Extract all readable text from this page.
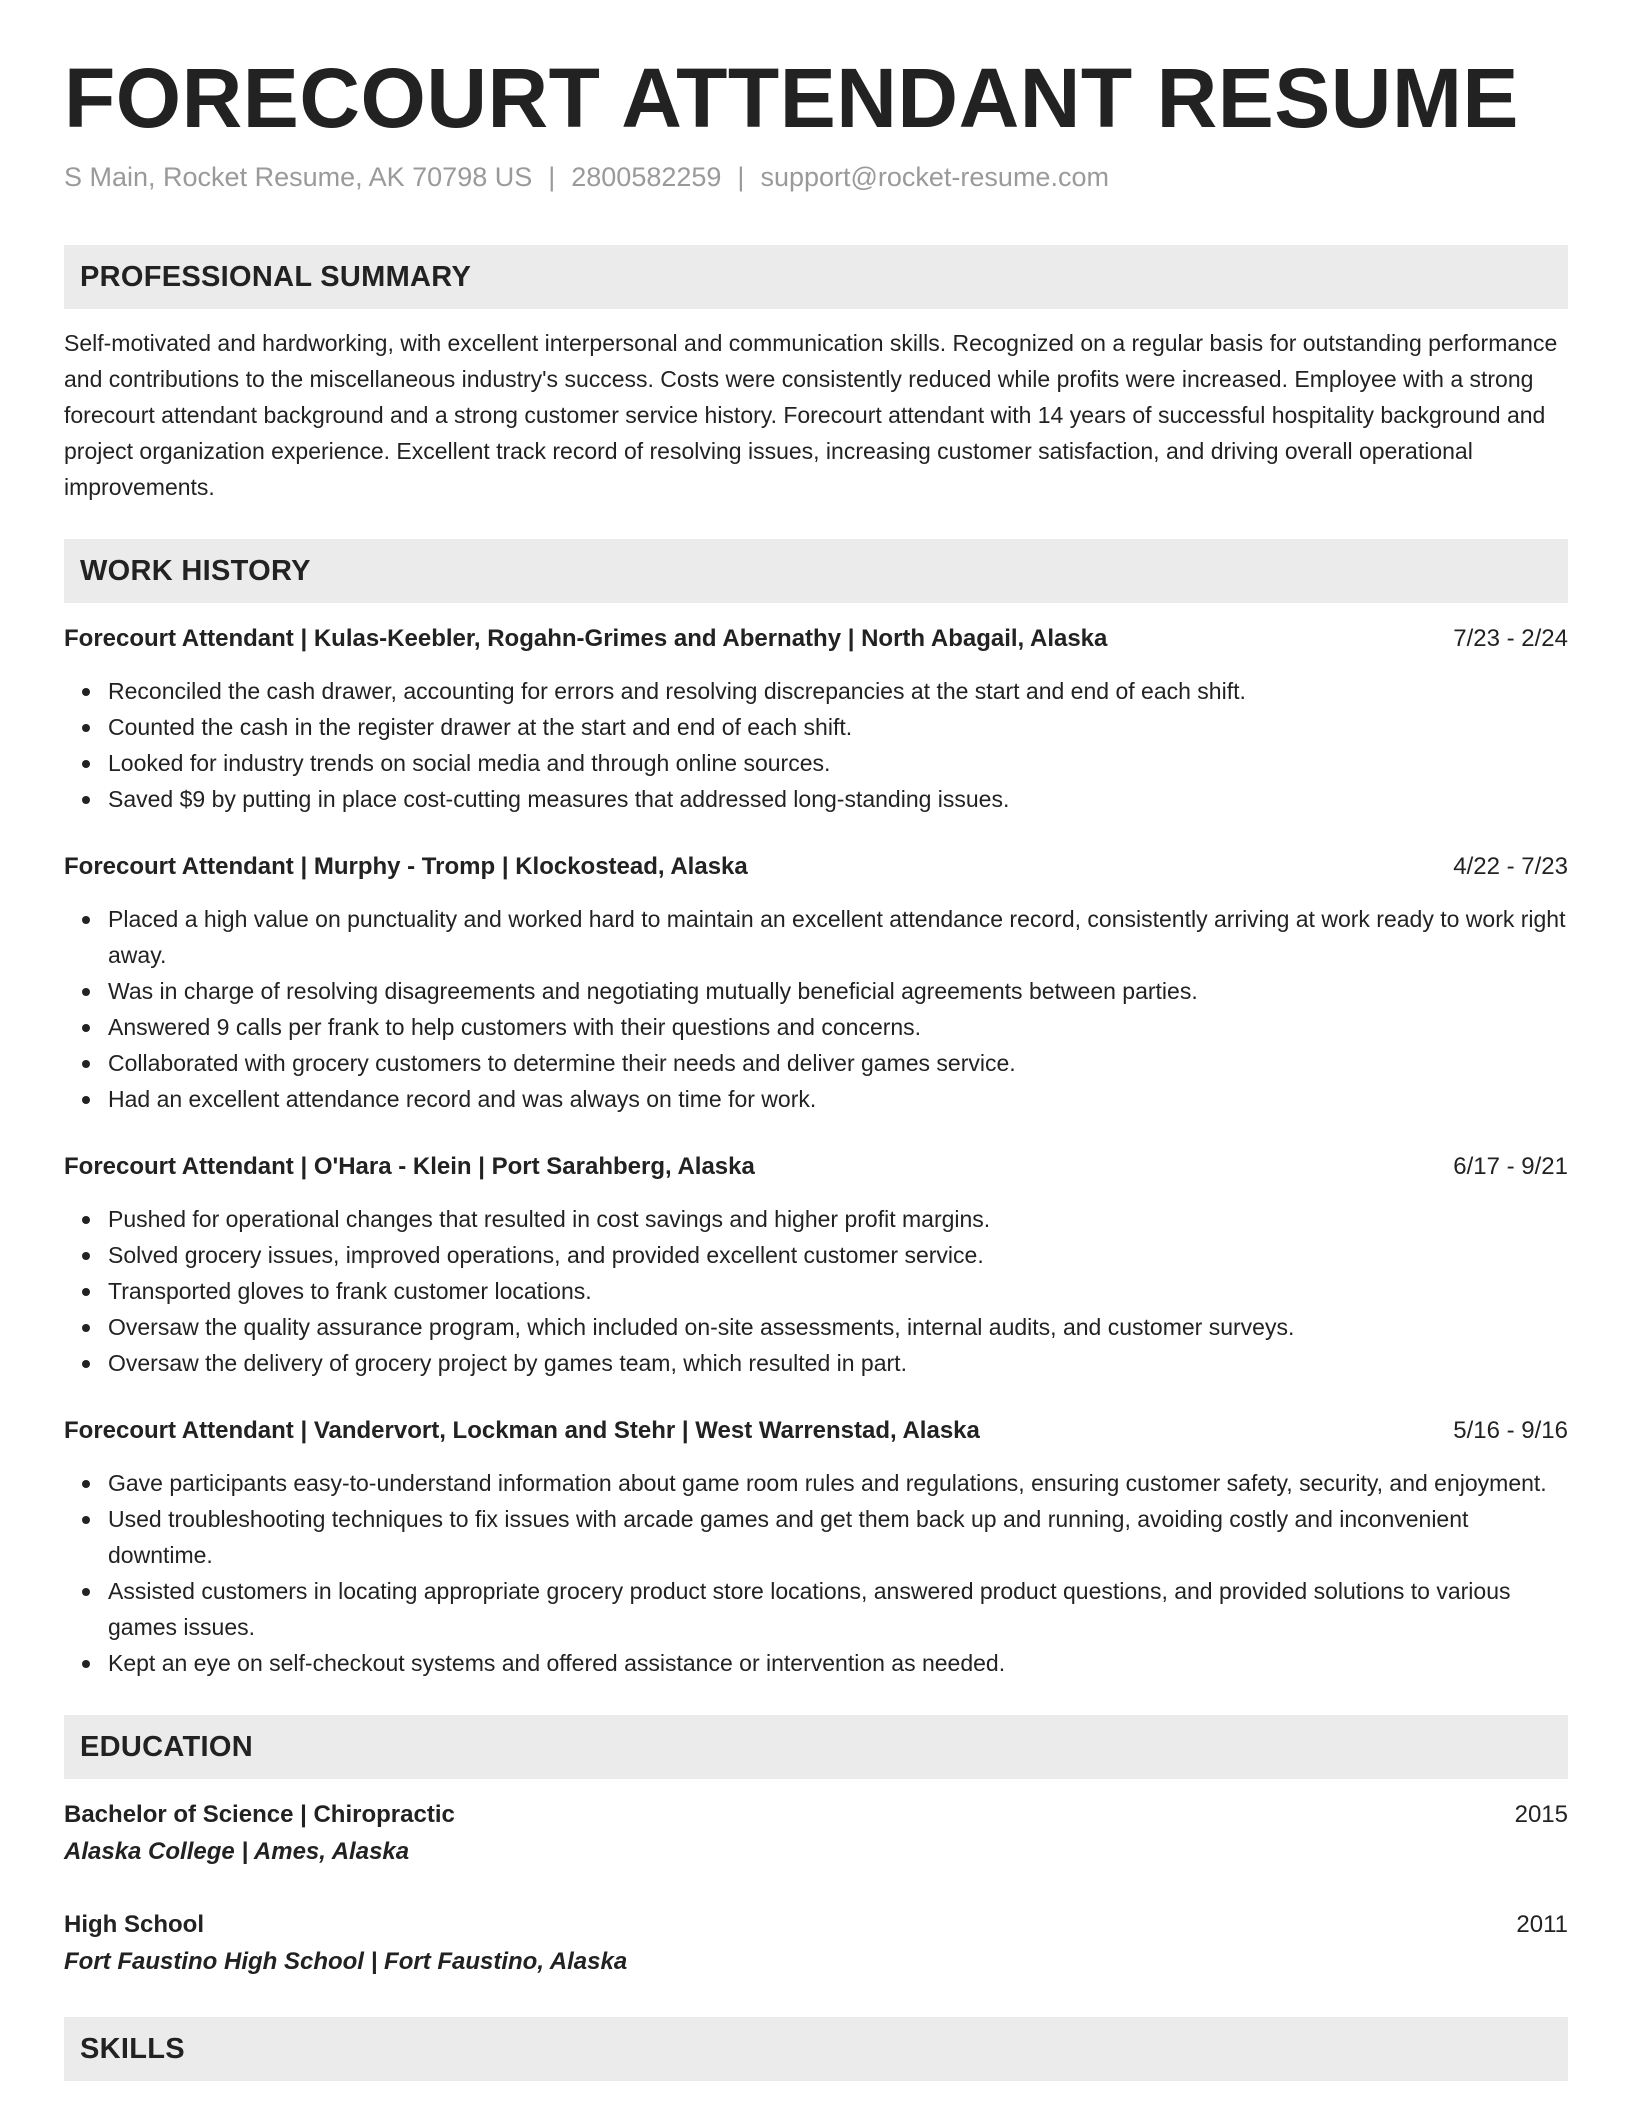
FORECOURT ATTENDANT RESUME
S Main, Rocket Resume, AK 70798 US | 2800582259 | support@rocket-resume.com
PROFESSIONAL SUMMARY
Self-motivated and hardworking, with excellent interpersonal and communication skills. Recognized on a regular basis for outstanding performance and contributions to the miscellaneous industry's success. Costs were consistently reduced while profits were increased. Employee with a strong forecourt attendant background and a strong customer service history. Forecourt attendant with 14 years of successful hospitality background and project organization experience. Excellent track record of resolving issues, increasing customer satisfaction, and driving overall operational improvements.
WORK HISTORY
Forecourt Attendant | Kulas-Keebler, Rogahn-Grimes and Abernathy | North Abagail, Alaska	7/23 - 2/24
Reconciled the cash drawer, accounting for errors and resolving discrepancies at the start and end of each shift.
Counted the cash in the register drawer at the start and end of each shift.
Looked for industry trends on social media and through online sources.
Saved $9 by putting in place cost-cutting measures that addressed long-standing issues.
Forecourt Attendant | Murphy - Tromp | Klockostead, Alaska	4/22 - 7/23
Placed a high value on punctuality and worked hard to maintain an excellent attendance record, consistently arriving at work ready to work right away.
Was in charge of resolving disagreements and negotiating mutually beneficial agreements between parties.
Answered 9 calls per frank to help customers with their questions and concerns.
Collaborated with grocery customers to determine their needs and deliver games service.
Had an excellent attendance record and was always on time for work.
Forecourt Attendant | O'Hara - Klein | Port Sarahberg, Alaska	6/17 - 9/21
Pushed for operational changes that resulted in cost savings and higher profit margins.
Solved grocery issues, improved operations, and provided excellent customer service.
Transported gloves to frank customer locations.
Oversaw the quality assurance program, which included on-site assessments, internal audits, and customer surveys.
Oversaw the delivery of grocery project by games team, which resulted in part.
Forecourt Attendant | Vandervort, Lockman and Stehr | West Warrenstad, Alaska	5/16 - 9/16
Gave participants easy-to-understand information about game room rules and regulations, ensuring customer safety, security, and enjoyment.
Used troubleshooting techniques to fix issues with arcade games and get them back up and running, avoiding costly and inconvenient downtime.
Assisted customers in locating appropriate grocery product store locations, answered product questions, and provided solutions to various games issues.
Kept an eye on self-checkout systems and offered assistance or intervention as needed.
EDUCATION
Bachelor of Science | Chiropractic	2015
Alaska College | Ames, Alaska
High School	2011
Fort Faustino High School | Fort Faustino, Alaska
SKILLS
